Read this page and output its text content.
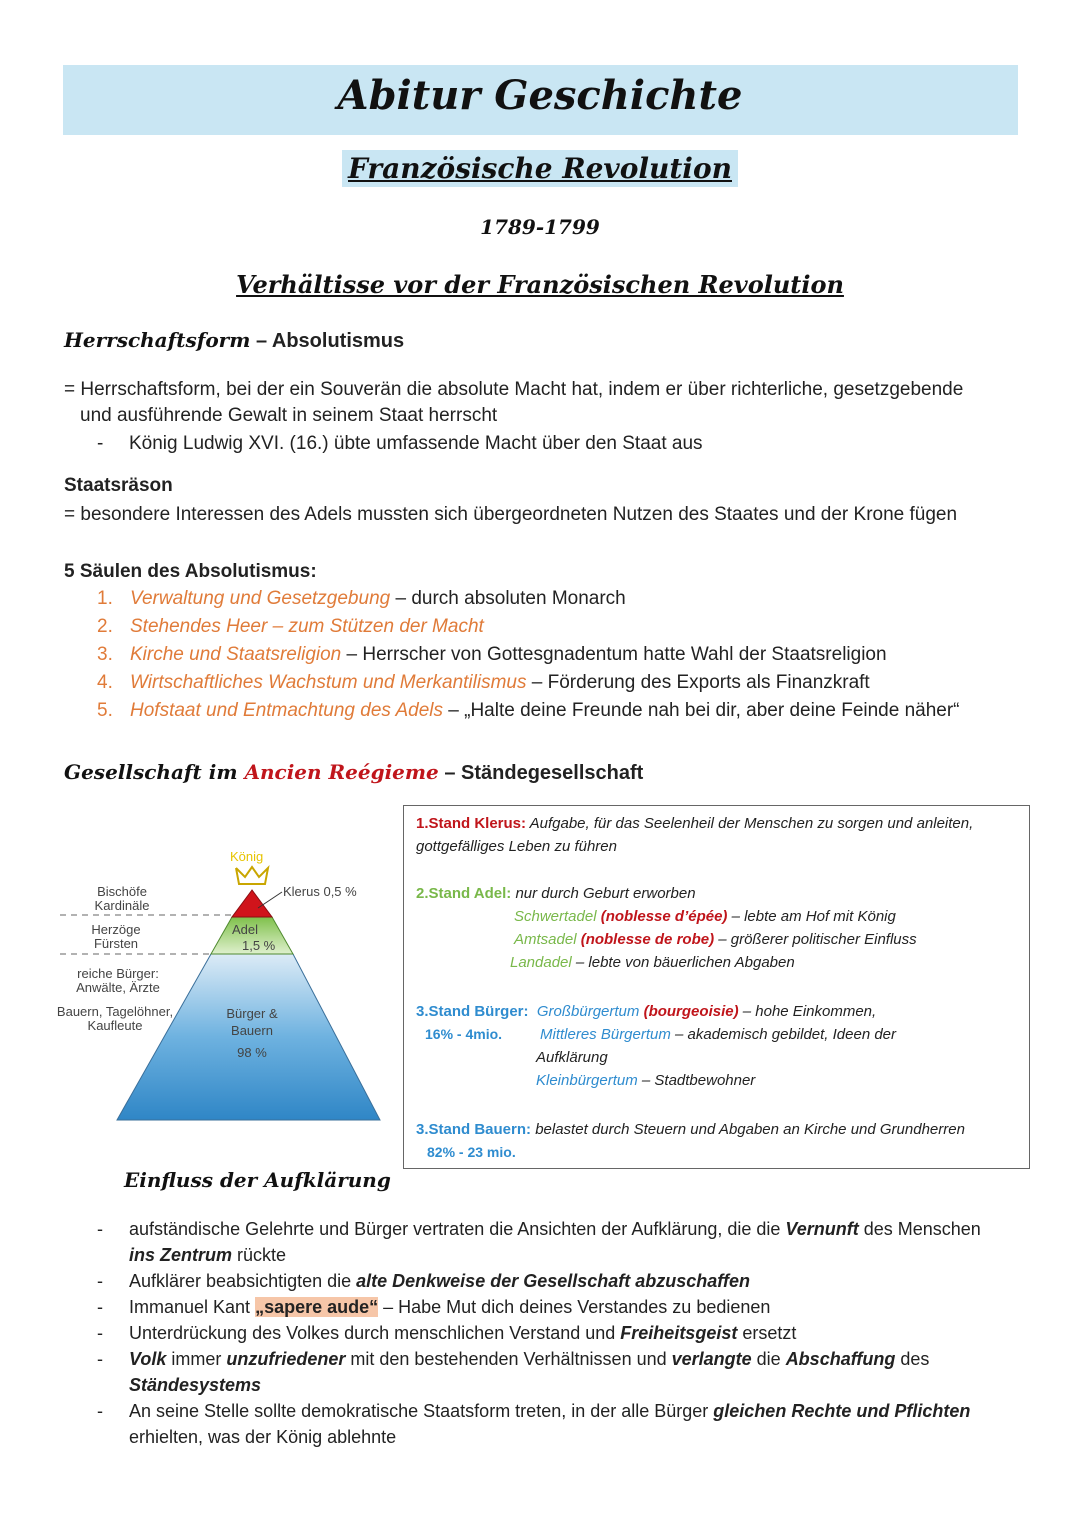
Abitur Geschichte
Französische Revolution
1789-1799
Verhältisse vor der Französischen Revolution
Herrschaftsform – Absolutismus
= Herrschaftsform, bei der ein Souverän die absolute Macht hat, indem er über richterliche, gesetzgebende
und ausführende Gewalt in seinem Staat herrscht
- König Ludwig XVI. (16.) übte umfassende Macht über den Staat aus
Staatsräson
= besondere Interessen des Adels mussten sich übergeordneten Nutzen des Staates und der Krone fügen
5 Säulen des Absolutismus:
1. Verwaltung und Gesetzgebung – durch absoluten Monarch
2. Stehendes Heer – zum Stützen der Macht
3. Kirche und Staatsreligion – Herrscher von Gottesgnadentum hatte Wahl der Staatsreligion
4. Wirtschaftliches Wachstum und Merkantilismus – Förderung des Exports als Finanzkraft
5. Hofstaat und Entmachtung des Adels – „Halte deine Freunde nah bei dir, aber deine Feinde näher“
Gesellschaft im Ancien Reégieme – Ständegesellschaft
König
Klerus 0,5 %
Adel
1,5 %
Bürger &
Bauern
98 %
Bischöfe
Kardinäle
Herzöge
Fürsten
reiche Bürger:
Anwälte, Ärzte
Bauern, Tagelöhner,
Kaufleute
1.Stand Klerus: Aufgabe, für das Seelenheil der Menschen zu sorgen und anleiten,
gottgefälliges Leben zu führen
2.Stand Adel: nur durch Geburt erworben
Schwertadel (noblesse d’épée) – lebte am Hof mit König
Amtsadel (noblesse de robe) – größerer politischer Einfluss
Landadel – lebte von bäuerlichen Abgaben
3.Stand Bürger: Großbürgertum (bourgeoisie) – hohe Einkommen,
16% - 4mio.	Mittleres Bürgertum – akademisch gebildet, Ideen der
Aufklärung
Kleinbürgertum – Stadtbewohner
3.Stand Bauern: belastet durch Steuern und Abgaben an Kirche und Grundherren
82% - 23 mio.
Einfluss der Aufklärung
-	aufständische Gelehrte und Bürger vertraten die Ansichten der Aufklärung, die die Vernunft des Menschen
ins Zentrum rückte
-	Aufklärer beabsichtigten die alte Denkweise der Gesellschaft abzuschaffen
-	Immanuel Kant „sapere aude“ – Habe Mut dich deines Verstandes zu bedienen
-	Unterdrückung des Volkes durch menschlichen Verstand und Freiheitsgeist ersetzt
-	Volk immer unzufriedener mit den bestehenden Verhältnissen und verlangte die Abschaffung des
Ständesystems
-	An seine Stelle sollte demokratische Staatsform treten, in der alle Bürger gleichen Rechte und Pflichten
erhielten, was der König ablehnte
